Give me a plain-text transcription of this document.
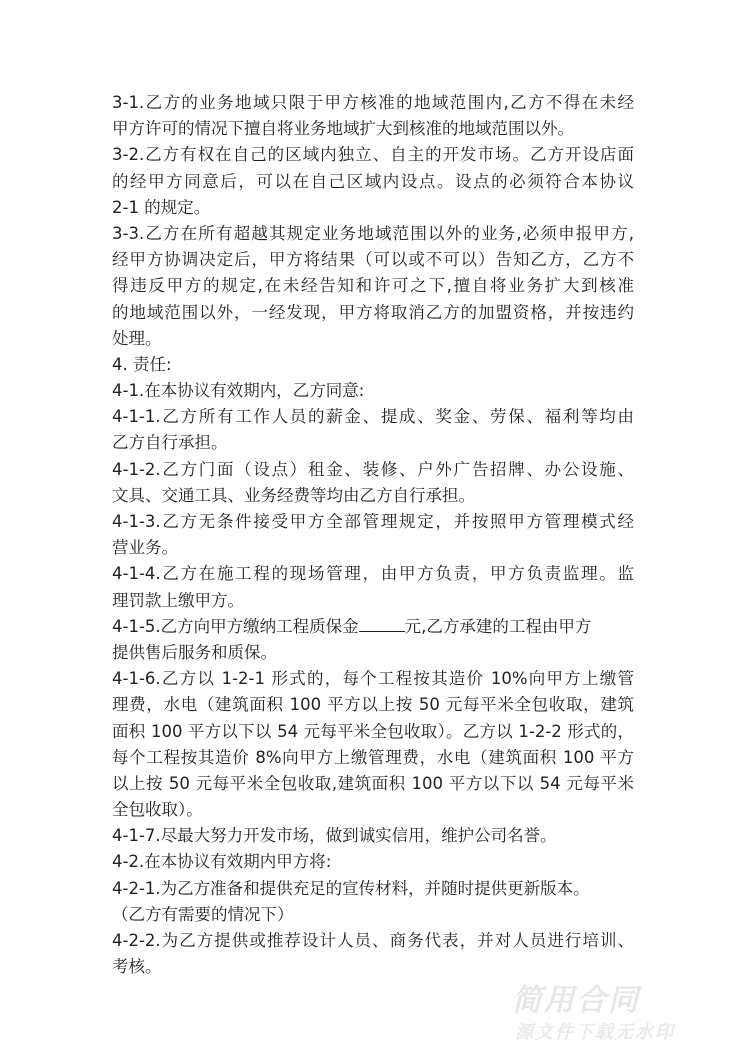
3-1.乙方的业务地域只限于甲方核准的地域范围内,乙方不得在未经
甲方许可的情况下擅自将业务地域扩大到核准的地域范围以外。
3-2.乙方有权在自己的区域内独立、自主的开发市场。乙方开设店面
的经甲方同意后，可以在自己区域内设点。设点的必须符合本协议
2-1 的规定。
3-3.乙方在所有超越其规定业务地域范围以外的业务,必须申报甲方,
经甲方协调决定后，甲方将结果（可以或不可以）告知乙方，乙方不
得违反甲方的规定,在未经告知和许可之下,擅自将业务扩大到核准
的地域范围以外，一经发现，甲方将取消乙方的加盟资格，并按违约
处理。
4. 责任:
4-1.在本协议有效期内，乙方同意:
4-1-1.乙方所有工作人员的薪金、提成、奖金、劳保、福利等均由
乙方自行承担。
4-1-2.乙方门面（设点）租金、装修、户外广告招牌、办公设施、
文具、交通工具、业务经费等均由乙方自行承担。
4-1-3.乙方无条件接受甲方全部管理规定，并按照甲方管理模式经
营业务。
4-1-4.乙方在施工程的现场管理，由甲方负责，甲方负责监理。监
理罚款上缴甲方。
4-1-5.乙方向甲方缴纳工程质保金	元,乙方承建的工程由甲方
提供售后服务和质保。
4-1-6.乙方以 1-2-1 形式的，每个工程按其造价 10%向甲方上缴管
理费，水电（建筑面积 100 平方以上按 50 元每平米全包收取，建筑
面积 100 平方以下以 54 元每平米全包收取）。乙方以 1-2-2 形式的，
每个工程按其造价 8%向甲方上缴管理费，水电（建筑面积 100 平方
以上按 50 元每平米全包收取,建筑面积 100 平方以下以 54 元每平米
全包收取）。
4-1-7.尽最大努力开发市场，做到诚实信用，维护公司名誉。
4-2.在本协议有效期内甲方将:
4-2-1.为乙方准备和提供充足的宣传材料，并随时提供更新版本。
（乙方有需要的情况下）
4-2-2.为乙方提供或推荐设计人员、商务代表，并对人员进行培训、
考核。
简用合同
源文件下载无水印
